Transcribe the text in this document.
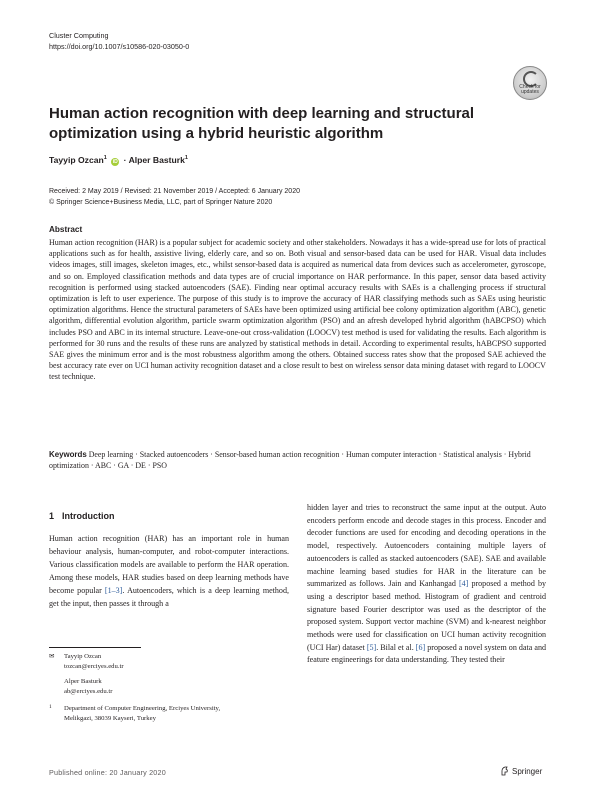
Cluster Computing
https://doi.org/10.1007/s10586-020-03050-0
Check for
updates
Human action recognition with deep learning and structural optimization using a hybrid heuristic algorithm
Tayyip Ozcan$^1$ iD · Alper Basturk$^1$
Received: 2 May 2019 / Revised: 21 November 2019 / Accepted: 6 January 2020
© Springer Science+Business Media, LLC, part of Springer Nature 2020
Abstract
Human action recognition (HAR) is a popular subject for academic society and other stakeholders. Nowadays it has a wide-spread use for lots of practical applications such as for health, assistive living, elderly care, and so on. Both visual and sensor-based data can be used for HAR. Visual data includes videos images, still images, skeleton images, etc., whilst sensor-based data is acquired as numerical data from devices such as accelerometer, gyroscope, and so on. Employed classification methods and data types are of crucial importance on HAR performance. In this paper, sensor data based activity recognition is performed using stacked autoencoders (SAE). Finding near optimal accuracy results with SAEs is a challenging process if structural optimization is left to user experience. The purpose of this study is to improve the accuracy of HAR classifying methods such as SAEs using heuristic optimization algorithms. Hence the structural parameters of SAEs have been optimized using artificial bee colony optimization algorithm (ABC), genetic algorithm, differential evolution algorithm, particle swarm optimization algorithm (PSO) and an afresh developed hybrid algorithm (hABCPSO) which includes PSO and ABC in its internal structure. Leave-one-out cross-validation (LOOCV) test method is used for validating the results. Each algorithm is performed for 30 runs and the results of these runs are analyzed by statistical methods in detail. According to experimental results, hABCPSO supported SAE gives the minimum error and is the most robustness algorithm among the others. Obtained success rates show that the proposed SAE achieved the best accuracy rate ever on UCI human activity recognition dataset and a close result to best on wireless sensor data mining dataset with regard to LOOCV test technique.
Keywords Deep learning · Stacked autoencoders · Sensor-based human action recognition · Human computer interaction · Statistical analysis · Hybrid optimization · ABC · GA · DE · PSO
1 Introduction
Human action recognition (HAR) has an important role in human behaviour analysis, human-computer, and robot-computer interactions. Various classification models are available to perform the HAR operation. Among these models, HAR studies based on deep learning methods have become popular [1–3]. Autoencoders, which is a deep learning method, get the input, then passes it through a
hidden layer and tries to reconstruct the same input at the output. Auto encoders perform encode and decode stages in this process. Encoder and decoder functions are used for encoding and decoding operations in the model, respectively. Autoencoders containing multiple layers of autoencoders is called as stacked autoencoders (SAE). SAE and available machine learning based studies for HAR in the literature can be summarized as follows. Jain and Kanhangad [4] proposed a method by using a descriptor based method. Histogram of gradient and centroid signature based Fourier descriptor was used as the descriptor of the proposed system. Support vector machine (SVM) and k-nearest neighbor methods were used for classification on UCI human activity recognition (UCI Har) dataset [5]. Bilal et al. [6] proposed a novel system on data and feature engineerings for data understanding. They tested their
✉	Tayyip Ozcan
tozcan@erciyes.edu.tr
Alper Basturk
ab@erciyes.edu.tr
1	Department of Computer Engineering, Erciyes University,
Melikgazi, 38039 Kayseri, Turkey
Published online: 20 January 2020	Springer
